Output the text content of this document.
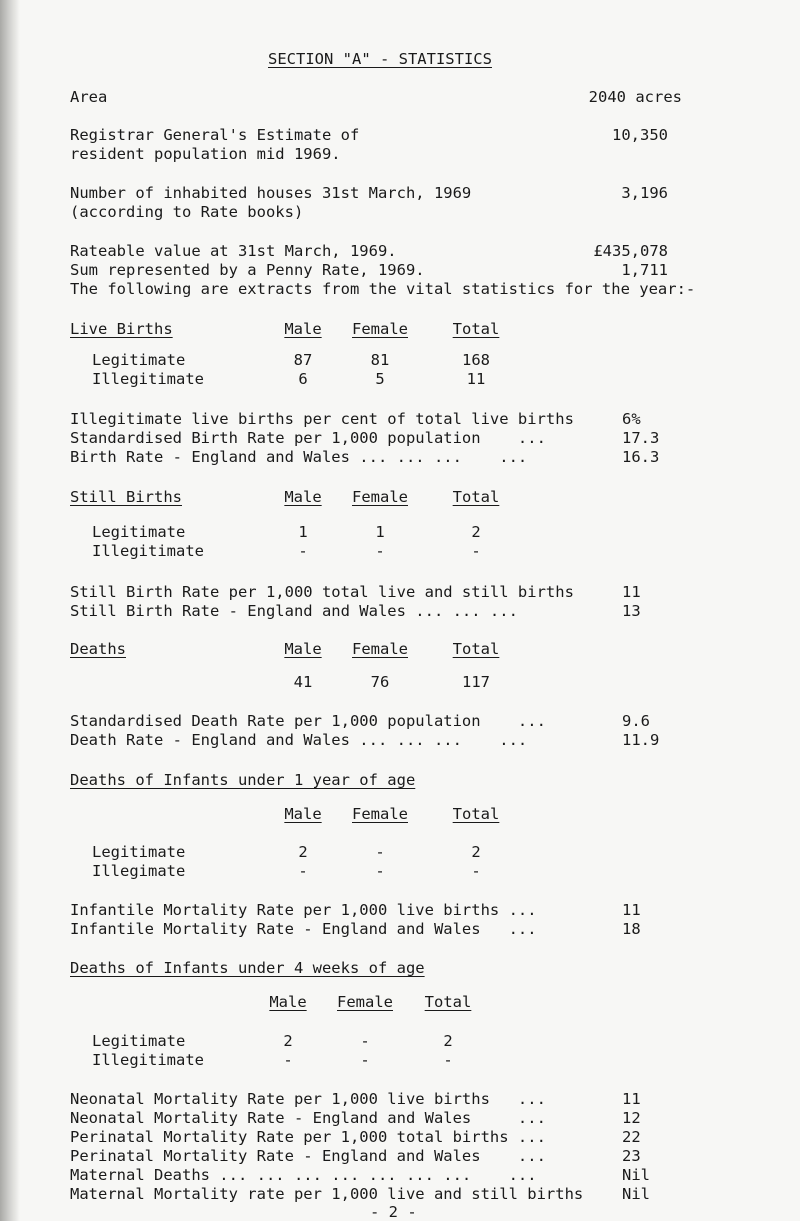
SECTION "A" - STATISTICS
Area	2040 acres
Registrar General's Estimate of
resident population mid 1969.
10,350
Number of inhabited houses 31st March, 1969
(according to Rate books)
3,196
Rateable value at 31st March, 1969.	£435,078
Sum represented by a Penny Rate, 1969.	1,711
The following are extracts from the vital statistics for the year:-
Live Births	Male	Female	Total
Legitimate	87	81	168
Illegitimate	6	5	11
Illegitimate live births per cent of total live births	6%
Standardised Birth Rate per 1,000 population    ...	17.3
Birth Rate - England and Wales ... ... ...    ...	16.3
Still Births	Male	Female	Total
Legitimate	1	1	2
Illegitimate	-	-	-
Still Birth Rate per 1,000 total live and still births	11
Still Birth Rate - England and Wales ... ... ...	13
Deaths	Male	Female	Total
41	76	117
Standardised Death Rate per 1,000 population    ...	9.6
Death Rate - England and Wales ... ... ...    ...	11.9
Deaths of Infants under 1 year of age
Male	Female	Total
Legitimate	2	-	2
Illegimate	-	-	-
Infantile Mortality Rate per 1,000 live births ...	11
Infantile Mortality Rate - England and Wales   ...	18
Deaths of Infants under 4 weeks of age
Male	Female	Total
Legitimate	2	-	2
Illegitimate	-	-	-
Neonatal Mortality Rate per 1,000 live births   ...	11
Neonatal Mortality Rate - England and Wales     ...	12
Perinatal Mortality Rate per 1,000 total births ...	22
Perinatal Mortality Rate - England and Wales    ...	23
Maternal Deaths ... ... ... ... ... ... ...    ...	Nil
Maternal Mortality rate per 1,000 live and still births	Nil
- 2 -
